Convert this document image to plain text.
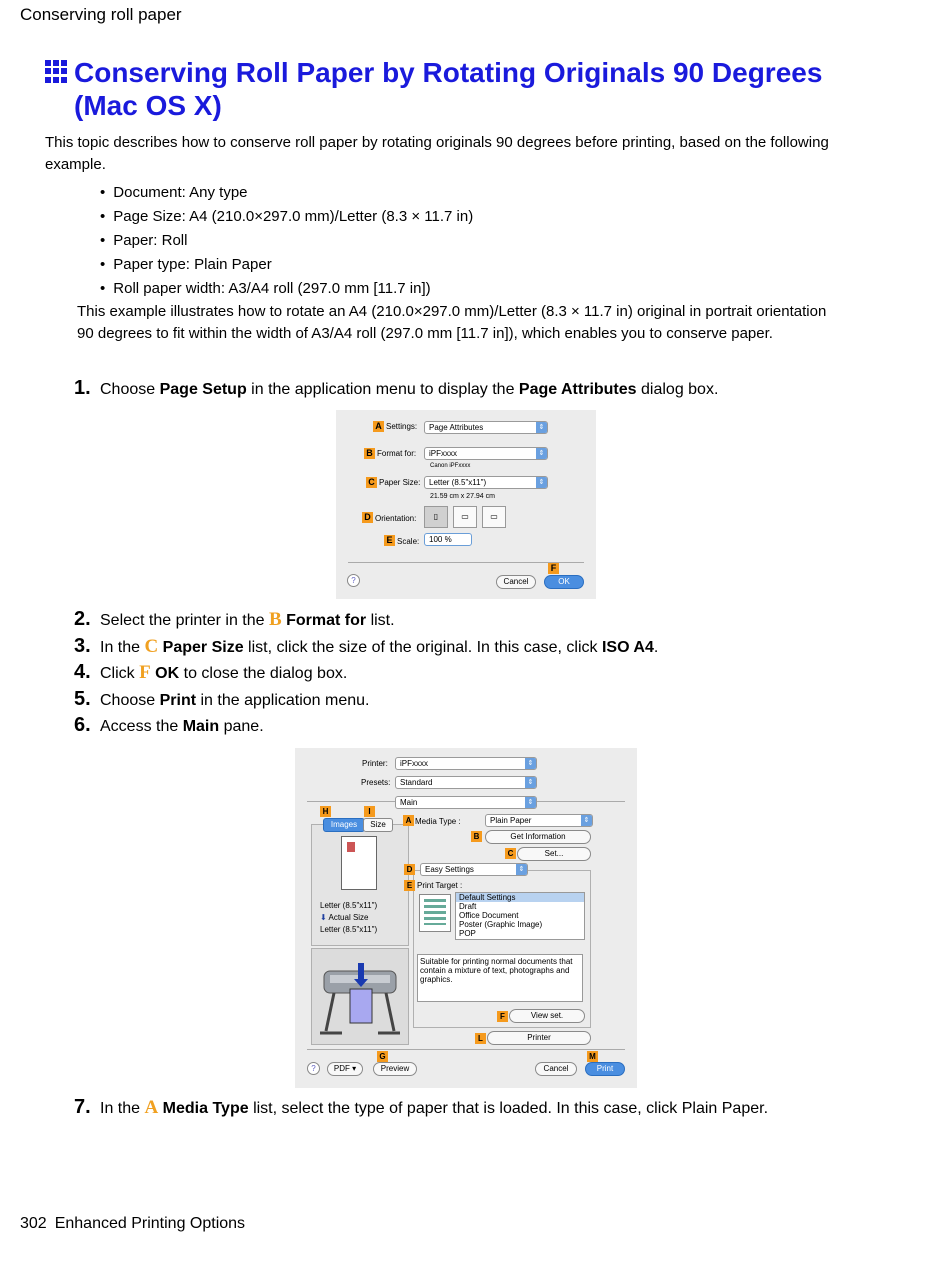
Conserving roll paper
Conserving Roll Paper by Rotating Originals 90 Degrees (Mac OS X)
This topic describes how to conserve roll paper by rotating originals 90 degrees before printing, based on the following example.
• Document: Any type
• Page Size: A4 (210.0×297.0 mm)/Letter (8.3 × 11.7 in)
• Paper: Roll
• Paper type: Plain Paper
• Roll paper width: A3/A4 roll (297.0 mm [11.7 in])
This example illustrates how to rotate an A4 (210.0×297.0 mm)/Letter (8.3 × 11.7 in) original in portrait orientation 90 degrees to fit within the width of A3/A4 roll (297.0 mm [11.7 in]), which enables you to conserve paper.
1. Choose Page Setup in the application menu to display the Page Attributes dialog box.
A Settings:	Page Attributes	⇕
B Format for:	iPFxxxx	⇕
Canon iPFxxxx
C Paper Size:	Letter (8.5"x11")	⇕
21.59 cm x 27.94 cm
D Orientation:	▯	▭	▭
E Scale:	100 %
?	Cancel
F
OK
2. Select the printer in the B Format for list.
3. In the C Paper Size list, click the size of the original. In this case, click ISO A4.
4. Click F OK to close the dialog box.
5. Choose Print in the application menu.
6. Access the Main pane.
Printer:	iPFxxxx	⇕
Presets:	Standard	⇕
Main	⇕
H	I
Images	Size
Letter (8.5"x11")
⬇ Actual Size
Letter (8.5"x11")
A Media Type :	Plain Paper	⇕
B	Get Information
C	Set...
D	Easy Settings	⇕
E Print Target :
Default Settings
Draft
Office Document
Poster (Graphic Image)
POP
Suitable for printing normal documents that contain a mixture of text, photographs and graphics.
F	View set.
L	Printer
?	PDF ▾
G
Preview	Cancel
M
Print
7. In the A Media Type list, select the type of paper that is loaded. In this case, click Plain Paper.
302 Enhanced Printing Options
